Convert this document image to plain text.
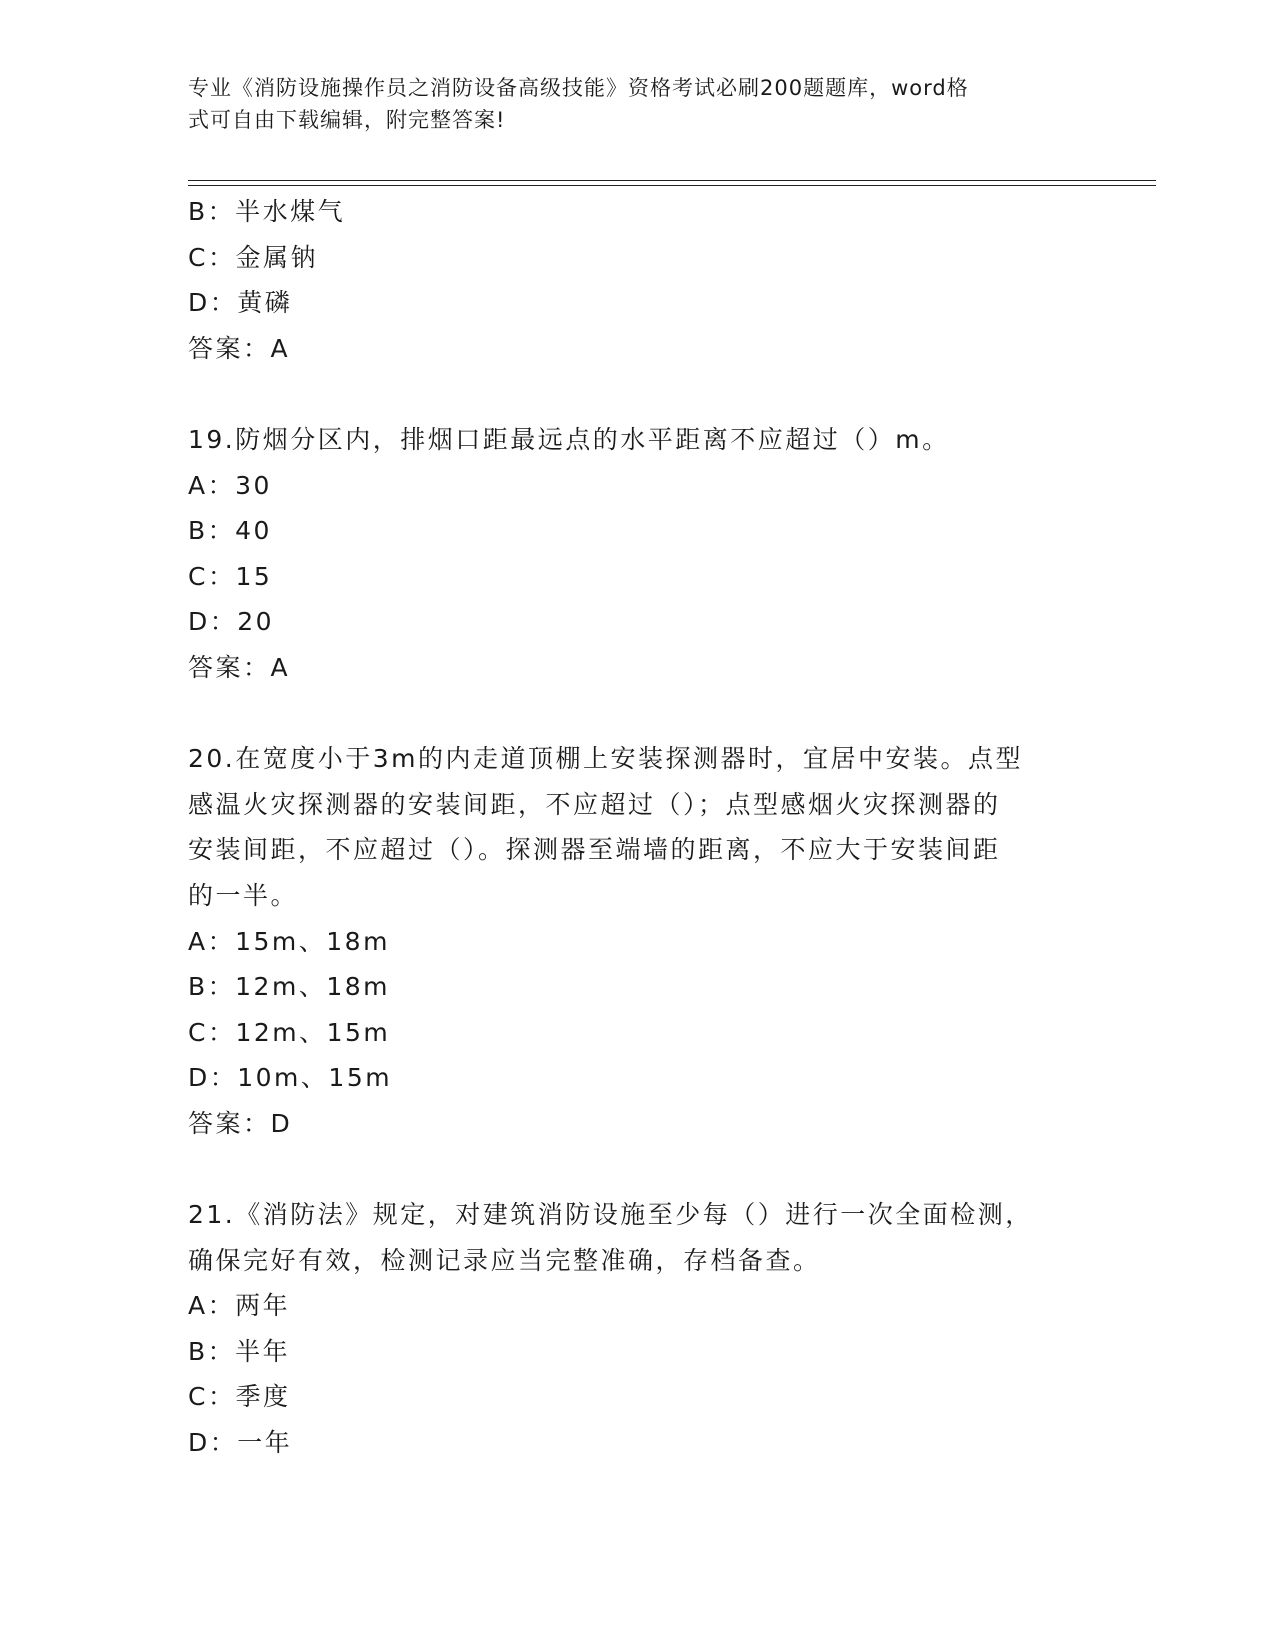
专业《消防设施操作员之消防设备高级技能》资格考试必刷200题题库，word格
式可自由下载编辑，附完整答案!
B：半水煤气
C：金属钠
D：黄磷
答案：A
19.防烟分区内，排烟口距最远点的水平距离不应超过（）m。
A：30
B：40
C：15
D：20
答案：A
20.在宽度小于3m的内走道顶棚上安装探测器时，宜居中安装。点型
感温火灾探测器的安装间距，不应超过（）；点型感烟火灾探测器的
安装间距，不应超过（）。探测器至端墙的距离，不应大于安装间距
的一半。
A：15m、18m
B：12m、18m
C：12m、15m
D：10m、15m
答案：D
21.《消防法》规定，对建筑消防设施至少每（）进行一次全面检测，
确保完好有效，检测记录应当完整准确，存档备查。
A：两年
B：半年
C：季度
D：一年
